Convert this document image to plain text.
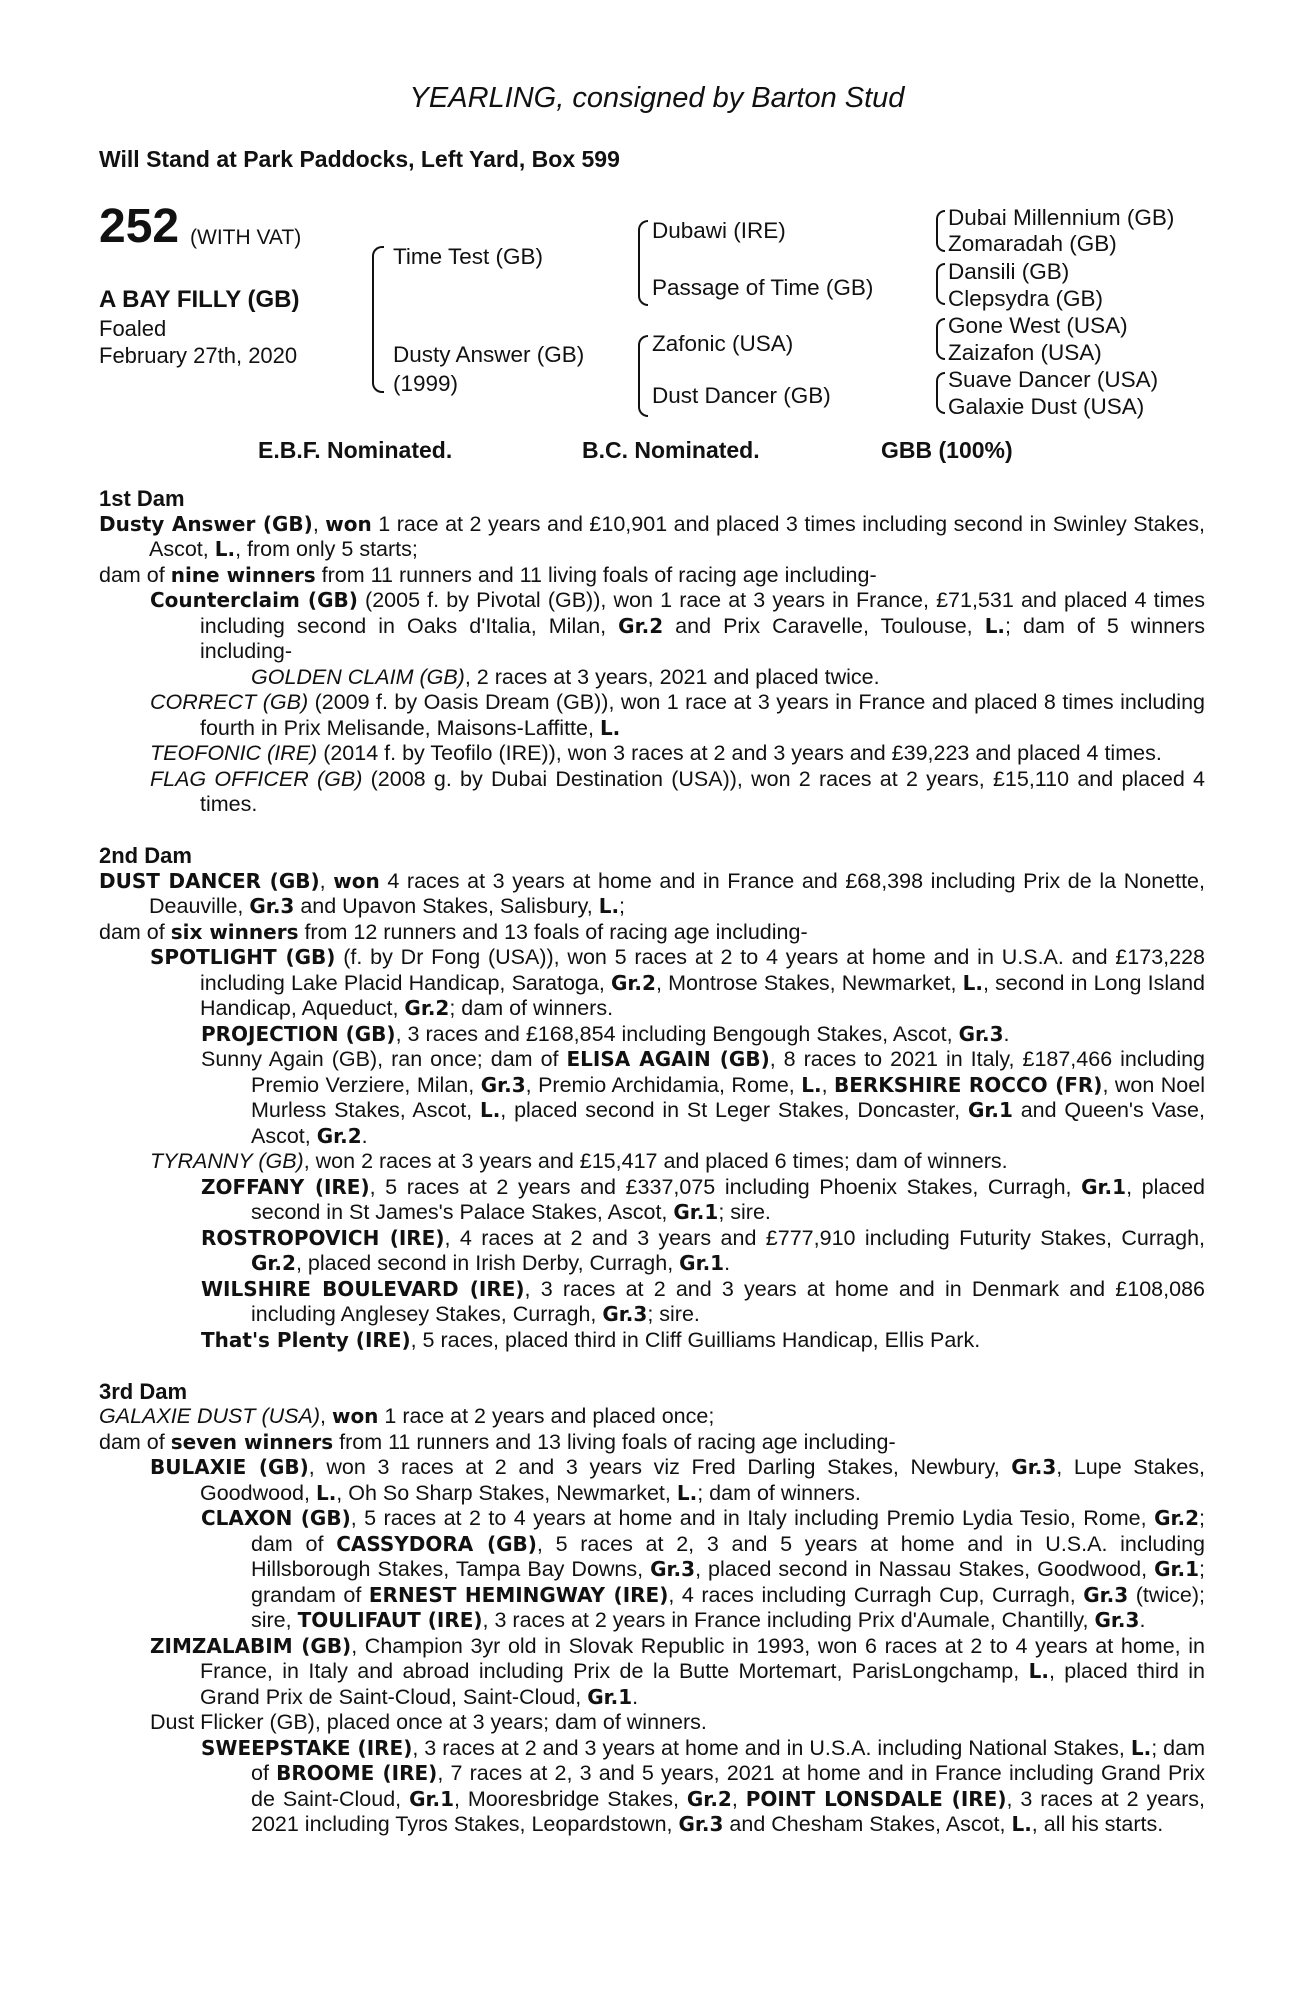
YEARLING, consigned by Barton Stud
Will Stand at Park Paddocks, Left Yard, Box 599
252 (WITH VAT)
A BAY FILLY (GB)
Foaled
February 27th, 2020
Time Test (GB)
Dusty Answer (GB)
(1999)
Dubawi (IRE)
Passage of Time (GB)
Zafonic (USA)
Dust Dancer (GB)
Dubai Millennium (GB)
Zomaradah (GB)
Dansili (GB)
Clepsydra (GB)
Gone West (USA)
Zaizafon (USA)
Suave Dancer (USA)
Galaxie Dust (USA)
E.B.F. Nominated.	B.C. Nominated.	GBB (100%)
1st Dam
Dusty Answer (GB), won 1 race at 2 years and £10,901 and placed 3 times including second in Swinley Stakes, Ascot, L., from only 5 starts;
dam of nine winners from 11 runners and 11 living foals of racing age including-
Counterclaim (GB) (2005 f. by Pivotal (GB)), won 1 race at 3 years in France, £71,531 and placed 4 times including second in Oaks d'Italia, Milan, Gr.2 and Prix Caravelle, Toulouse, L.; dam of 5 winners including-
GOLDEN CLAIM (GB), 2 races at 3 years, 2021 and placed twice.
CORRECT (GB) (2009 f. by Oasis Dream (GB)), won 1 race at 3 years in France and placed 8 times including fourth in Prix Melisande, Maisons-Laffitte, L.
TEOFONIC (IRE) (2014 f. by Teofilo (IRE)), won 3 races at 2 and 3 years and £39,223 and placed 4 times.
FLAG OFFICER (GB) (2008 g. by Dubai Destination (USA)), won 2 races at 2 years, £15,110 and placed 4 times.
2nd Dam
DUST DANCER (GB), won 4 races at 3 years at home and in France and £68,398 including Prix de la Nonette, Deauville, Gr.3 and Upavon Stakes, Salisbury, L.;
dam of six winners from 12 runners and 13 foals of racing age including-
SPOTLIGHT (GB) (f. by Dr Fong (USA)), won 5 races at 2 to 4 years at home and in U.S.A. and £173,228 including Lake Placid Handicap, Saratoga, Gr.2, Montrose Stakes, Newmarket, L., second in Long Island Handicap, Aqueduct, Gr.2; dam of winners.
PROJECTION (GB), 3 races and £168,854 including Bengough Stakes, Ascot, Gr.3.
Sunny Again (GB), ran once; dam of ELISA AGAIN (GB), 8 races to 2021 in Italy, £187,466 including Premio Verziere, Milan, Gr.3, Premio Archidamia, Rome, L., BERKSHIRE ROCCO (FR), won Noel Murless Stakes, Ascot, L., placed second in St Leger Stakes, Doncaster, Gr.1 and Queen's Vase, Ascot, Gr.2.
TYRANNY (GB), won 2 races at 3 years and £15,417 and placed 6 times; dam of winners.
ZOFFANY (IRE), 5 races at 2 years and £337,075 including Phoenix Stakes, Curragh, Gr.1, placed second in St James's Palace Stakes, Ascot, Gr.1; sire.
ROSTROPOVICH (IRE), 4 races at 2 and 3 years and £777,910 including Futurity Stakes, Curragh, Gr.2, placed second in Irish Derby, Curragh, Gr.1.
WILSHIRE BOULEVARD (IRE), 3 races at 2 and 3 years at home and in Denmark and £108,086 including Anglesey Stakes, Curragh, Gr.3; sire.
That's Plenty (IRE), 5 races, placed third in Cliff Guilliams Handicap, Ellis Park.
3rd Dam
GALAXIE DUST (USA), won 1 race at 2 years and placed once;
dam of seven winners from 11 runners and 13 living foals of racing age including-
BULAXIE (GB), won 3 races at 2 and 3 years viz Fred Darling Stakes, Newbury, Gr.3, Lupe Stakes, Goodwood, L., Oh So Sharp Stakes, Newmarket, L.; dam of winners.
CLAXON (GB), 5 races at 2 to 4 years at home and in Italy including Premio Lydia Tesio, Rome, Gr.2; dam of CASSYDORA (GB), 5 races at 2, 3 and 5 years at home and in U.S.A. including Hillsborough Stakes, Tampa Bay Downs, Gr.3, placed second in Nassau Stakes, Goodwood, Gr.1; grandam of ERNEST HEMINGWAY (IRE), 4 races including Curragh Cup, Curragh, Gr.3 (twice); sire, TOULIFAUT (IRE), 3 races at 2 years in France including Prix d'Aumale, Chantilly, Gr.3.
ZIMZALABIM (GB), Champion 3yr old in Slovak Republic in 1993, won 6 races at 2 to 4 years at home, in France, in Italy and abroad including Prix de la Butte Mortemart, ParisLongchamp, L., placed third in Grand Prix de Saint-Cloud, Saint-Cloud, Gr.1.
Dust Flicker (GB), placed once at 3 years; dam of winners.
SWEEPSTAKE (IRE), 3 races at 2 and 3 years at home and in U.S.A. including National Stakes, L.; dam of BROOME (IRE), 7 races at 2, 3 and 5 years, 2021 at home and in France including Grand Prix de Saint-Cloud, Gr.1, Mooresbridge Stakes, Gr.2, POINT LONSDALE (IRE), 3 races at 2 years, 2021 including Tyros Stakes, Leopardstown, Gr.3 and Chesham Stakes, Ascot, L., all his starts.
